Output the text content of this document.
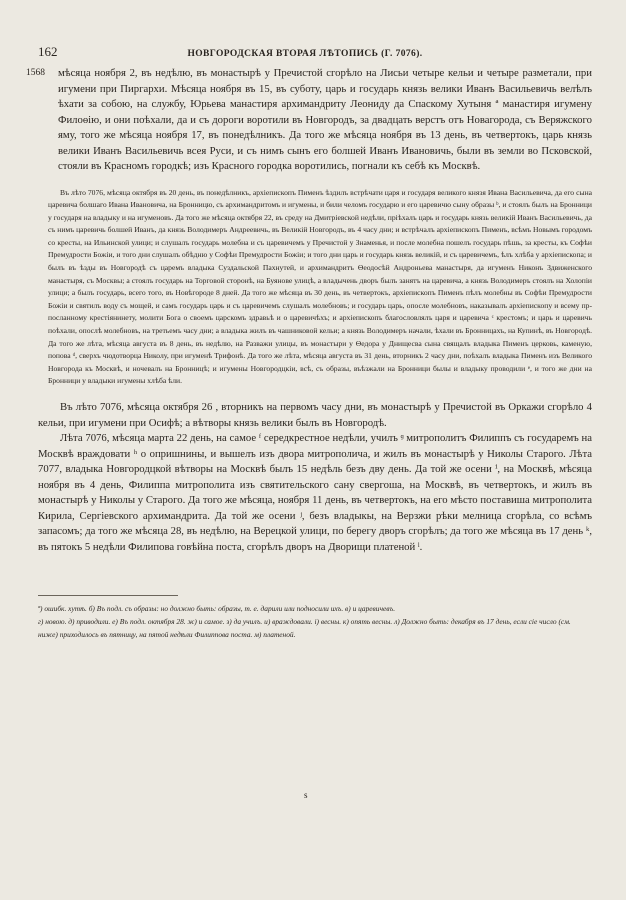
162	НОВГОРОДСКАЯ ВТОРАЯ ЛѢТОПИСЬ (Г. 7076).

1568	мѣсяца ноября 2, въ недѣлю, въ монастырѣ у Пречистой сгорѣло на Лисьи четыре кельи и четыре разметали, при игумени при Пиргархи. Мѣсяца ноября въ 15, въ суботу, царь и государь князь велики Иванъ Васильевичь велѣлъ ѣхати за собою, на службу, Юрьева манастиря архимандриту Леониду да Спаскому Хутыня ª манастиря игумену Филоѳію, и они поѣхали, да и съ дороги воротили въ Новгородъ, за двадцать верстъ отъ Новагорода, съ Веряжского яму, того же мѣсяца ноября 17, въ понедѣлникъ. Да того же мѣсяца ноября въ 13 день, въ четвертокъ, царь князь велики Иванъ Васильевичь всея Руси, и съ нимъ сынъ его болшей Иванъ Ивановичь, были въ земли во Псковской, стояли въ Красномъ городкѣ; изъ Красного городка воротились, погнали къ себѣ къ Москвѣ.

Въ лѣто 7076, мѣсяца октября въ 20 день, въ понедѣлникъ, архіепископъ Пименъ ѣздилъ встрѣчати царя и государя великого князя Ивана Васильевича, да его сына царевича болшаго Ивана Ивановича, на Бронницю, съ архимандритомъ и игумены, и били челомъ государю и его царевичю сыну образы ᵇ, и стоялъ былъ на Бронници у государя на владыку и на игуменовъ. Да того же мѣсяца октября 22, въ среду на Дмитріевской недѣли, пріѣхалъ царь и государь князь великій Иванъ Васильевичь, да съ нимъ царевичь болшей Иванъ, да князь Володимеръ Андреевичь, въ Великій Новгородъ, въ 4 часу дни; и встрѣчалъ архіепископъ Пименъ, всѣмъ Новымъ городомъ со кресты, на Ильинской улици; и слушалъ государь молебна и съ царевичемъ у Пречистой у Знаменья, и после молебна пошелъ государь пѣшь, за кресты, къ Софѣи Премудрости Божіи, и того дни слушалъ обѣдню у Софѣи Премудрости Божіи; и того дни царь и государь князь великій, и съ царевичемъ, ѣлъ хлѣба у архіепископа; и былъ въ ѣзды въ Новгородѣ съ царемъ владыка Суздальской Пахнутей, и архимандритъ Ѳеодосѣй Андроньева манастыря, да игуменъ Никонъ Здвиженского манастыря, съ Москвы; а стоялъ государь на Торговой сторонѣ, на Буянове улицѣ, а владычень дворъ былъ занятъ на царевича, а князь Володимеръ стоялъ на Холопіи улици; а былъ государь, всего того, въ Новѣгороде 8 дней. Да того же мѣсяца въ 30 день, въ четвертокъ, архіепископъ Пименъ пѣлъ молебны въ Софѣи Премудрости Божіи и святилъ воду съ мощей, и самъ государь царь и съ царевичемъ слушалъ молебновъ; и государь царь, опосле молебновъ, наказывалъ архіепископу и всему прпосланному крестіянинету, молити Бога о своемъ царскомъ здравьѣ и о царевичѣхъ; и архіепископъ благословлялъ царя и царевича ᶜ крестомъ; и царь и царевичь поѣхали, опослѣ молебновъ, на третьемъ часу дни; а владыка жилъ въ чашниковой кельи; а князь Володимеръ начали, ѣхали въ Бронницахъ, на Купинѣ, въ Новгородѣ. Да того же лѣта, мѣсяца августа въ 8 день, въ недѣлю, на Разважи улицы, въ монастыри у Ѳедора у Днищесва сына свящалъ владыка Пименъ церковь, каменую, попова ᵈ, сверхъ чюдотворца Николу, при игуменѣ Трифонѣ. Да того же лѣта, мѣсяца августа въ 31 день, вторникъ 2 часу дни, поѣхалъ владыка Пименъ изъ Великого Новгорода къ Москвѣ, и ночевалъ на Бронницѣ; и игумены Новгородцкіи, всѣ, съ образы, въѣзжали на Бронници былы и владыку проводили ᵉ, и того же дни на Бронници у владыки игумены хлѣба ѣли.

Въ лѣто 7076, мѣсяца октября 26 , вторникъ на первомъ часу дни, въ монастырѣ у Пречистой въ Оркажи сгорѣло 4 кельи, при игумени при Осифѣ; а вѣтворы князь велики былъ въ Новгородѣ.

Лѣта 7076, мѣсяца марта 22 день, на самое ᶠ середкрестное недѣли, училъ ᶢ митрополитъ Филиппъ съ государемъ на Москвѣ враждовати ʰ о опришнины, и вышелъ изъ двора митрополича, и жилъ въ монастырѣ у Николы Старого. Лѣта 7077, владыка Новгородцкой вѣтворы на Москвѣ былъ 15 недѣль безъ дву день. Да той же осени ⁱ, на Москвѣ, мѣсяца ноября въ 4 день, Филиппа митрополита изъ святительского сану свергоша, на Москвѣ, въ четвертокъ, и жилъ въ монастырѣ у Николы у Старого. Да того же мѣсяца, ноября 11 день, въ четвертокъ, на его мѣсто поставиша митрополита Кирила, Сергіевского архимандрита. Да той же осени ʲ, безъ владыкы, на Верзжи рѣки мелница сгорѣла, со всѣмъ запасомъ; да того же мѣсяца 28, въ недѣлю, на Верецкой улици, по берегу дворъ сгорѣлъ; да того же мѣсяца въ 17 день ᵏ, въ пятокъ 5 недѣли Филипова говѣйна поста, сгорѣлъ дворъ на Дворищи платеной ˡ.

ª) ошибк. хутѣ. б) Въ подл. съ образы: но должно быть: образы, т. е. дарили или подносили ихъ. в) и царевичевъ.

г) новою. д) приводили. е) Въ подл. октября 28. ж) и самое. з) да училъ. и) враждовали. і) весны. к) опять весны. л) Должно быть: декабря въ 17 день, если сіе число (см. ниже) приходилось въ пятницу, на пятой недѣли Филиппова поста. м) платеной.

s
